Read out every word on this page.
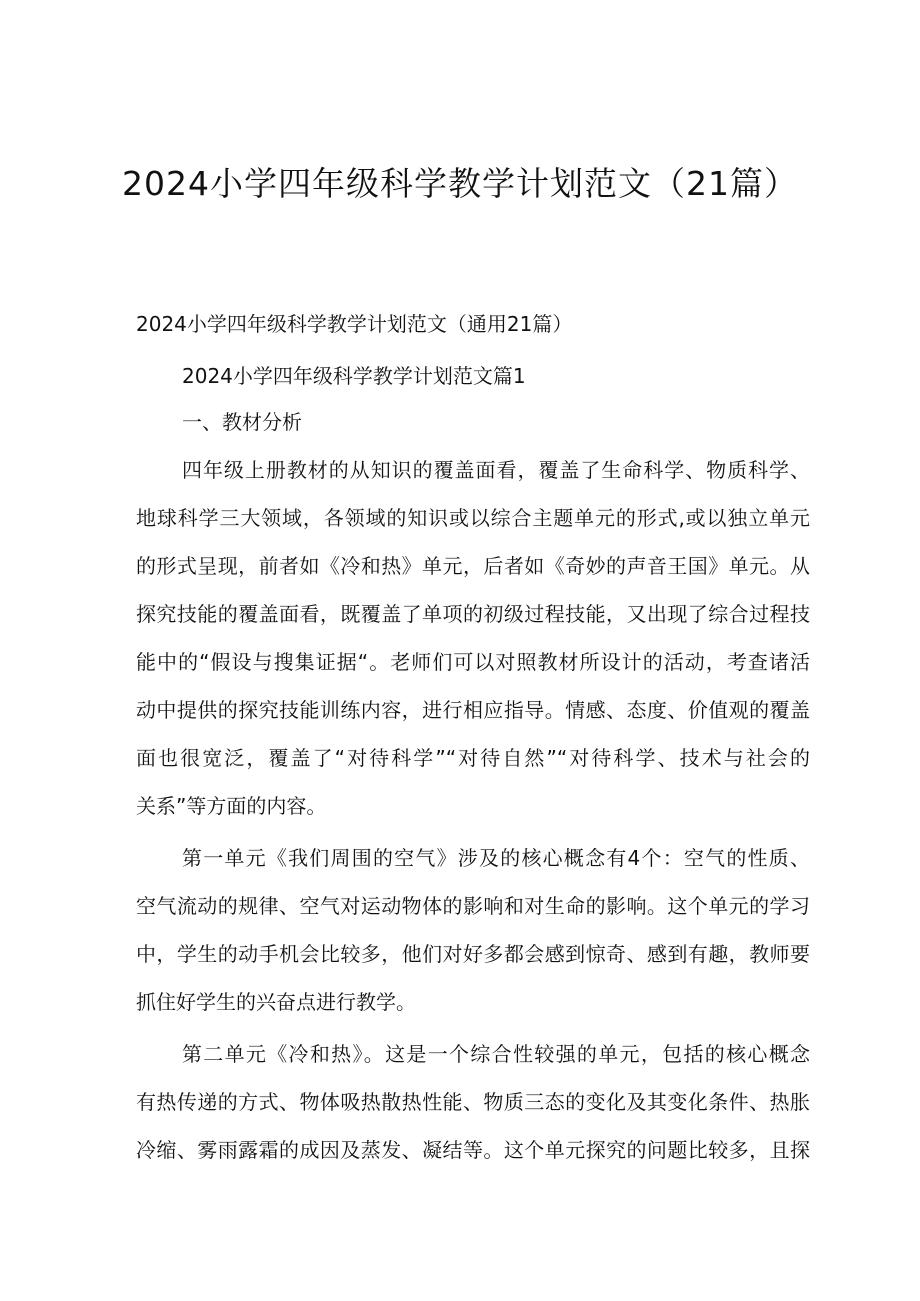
2024小学四年级科学教学计划范文（21篇）
2024小学四年级科学教学计划范文（通用21篇）
2024小学四年级科学教学计划范文篇1
一、教材分析
四年级上册教材的从知识的覆盖面看，覆盖了生命科学、物质科学、
地球科学三大领域，各领域的知识或以综合主题单元的形式,或以独立单元
的形式呈现，前者如《冷和热》单元，后者如《奇妙的声音王国》单元。从
探究技能的覆盖面看，既覆盖了单项的初级过程技能，又出现了综合过程技
能中的“假设与搜集证据“。老师们可以对照教材所设计的活动，考查诸活
动中提供的探究技能训练内容，进行相应指导。情感、态度、价值观的覆盖
面也很宽泛，覆盖了“对待科学”“对待自然”“对待科学、技术与社会的
关系”等方面的内容。
第一单元《我们周围的空气》涉及的核心概念有4个：空气的性质、
空气流动的规律、空气对运动物体的影响和对生命的影响。这个单元的学习
中，学生的动手机会比较多，他们对好多都会感到惊奇、感到有趣，教师要
抓住好学生的兴奋点进行教学。
第二单元《冷和热》。这是一个综合性较强的单元，包括的核心概念
有热传递的方式、物体吸热散热性能、物质三态的变化及其变化条件、热胀
冷缩、雾雨露霜的成因及蒸发、凝结等。这个单元探究的问题比较多，且探
